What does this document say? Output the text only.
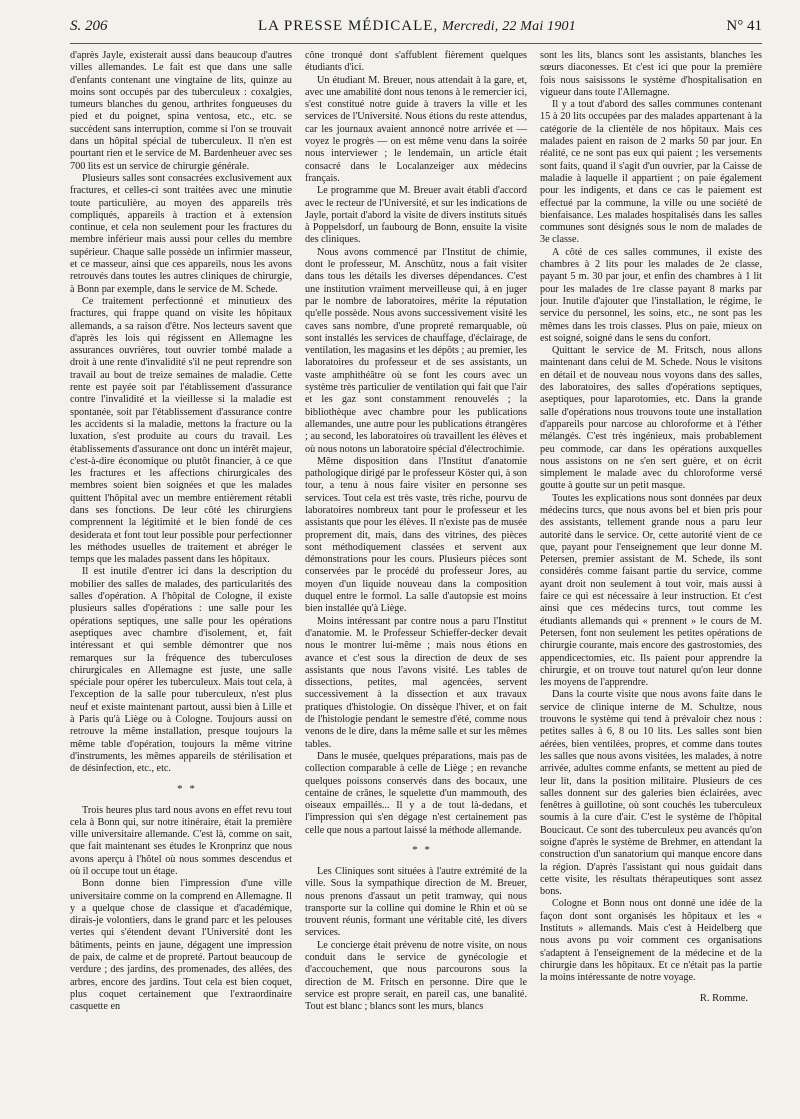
S. 206	LA PRESSE MÉDICALE, Mercredi, 22 Mai 1901	N° 41

d'après Jayle, existerait aussi dans beaucoup d'autres villes allemandes. Le fait est que dans une salle d'enfants contenant une vingtaine de lits, quinze au moins sont occupés par des tuberculeux : coxalgies, tumeurs blanches du genou, arthrites fongueuses du pied et du poignet, spina ventosa, etc., etc. se succèdent sans interruption, comme si l'on se trouvait dans un hôpital spécial de tuberculeux. Il n'en est pourtant rien et le service de M. Bardenheuer avec ses 700 lits est un service de chirurgie générale.

Plusieurs salles sont consacrées exclusivement aux fractures, et celles-ci sont traitées avec une minutie toute particulière, au moyen des appareils très compliqués, appareils à traction et à extension continue, et cela non seulement pour les fractures du membre inférieur mais aussi pour celles du membre supérieur. Chaque salle possède un infirmier masseur, et ce masseur, ainsi que ces appareils, nous les avons retrouvés dans toutes les autres cliniques de chirurgie, à Bonn par exemple, dans le service de M. Schede.

Ce traitement perfectionné et minutieux des fractures, qui frappe quand on visite les hôpitaux allemands, a sa raison d'être. Nos lecteurs savent que d'après les lois qui régissent en Allemagne les assurances ouvrières, tout ouvrier tombé malade a droit à une rente d'invalidité s'il ne peut reprendre son travail au bout de treize semaines de maladie. Cette rente est payée soit par l'établissement d'assurance contre l'invalidité et la vieillesse si la maladie est spontanée, soit par l'établissement d'assurance contre les accidents si la maladie, mettons la fracture ou la luxation, s'est produite au cours du travail. Les établissements d'assurance ont donc un intérêt majeur, c'est-à-dire économique ou plutôt financier, à ce que les fractures et les affections chirurgicales des membres soient bien soignées et que les malades quittent l'hôpital avec un membre entièrement rétabli dans ses fonctions. De leur côté les chirurgiens comprennent la légitimité et le bien fondé de ces desiderata et font tout leur possible pour perfectionner les méthodes usuelles de traitement et abréger le temps que les malades passent dans les hôpitaux.

Il est inutile d'entrer ici dans la description du mobilier des salles de malades, des particularités des salles d'opération. A l'hôpital de Cologne, il existe plusieurs salles d'opérations : une salle pour les opérations septiques, une salle pour les opérations aseptiques avec chambre d'isolement, et, fait intéressant et qui semble démontrer que nos remarques sur la fréquence des tuberculoses chirurgicales en Allemagne est juste, une salle spéciale pour opérer les tuberculeux. Mais tout cela, à l'exception de la salle pour tuberculeux, n'est plus neuf et existe maintenant partout, aussi bien à Lille et à Paris qu'à Liège ou à Cologne. Toujours aussi on retrouve la même installation, presque toujours la même table d'opération, toujours la même vitrine d'instruments, les mêmes appareils de stérilisation et de désinfection, etc., etc.

* *

Trois heures plus tard nous avons en effet revu tout cela à Bonn qui, sur notre itinéraire, était la première ville universitaire allemande. C'est là, comme on sait, que fait maintenant ses études le Kronprinz que nous avons aperçu à l'hôtel où nous sommes descendus et où il occupe tout un étage.

Bonn donne bien l'impression d'une ville universitaire comme on la comprend en Allemagne. Il y a quelque chose de classique et d'académique, dirais-je volontiers, dans le grand parc et les pelouses vertes qui s'étendent devant l'Université dont les bâtiments, peints en jaune, dégagent une impression de paix, de calme et de propreté. Partout beaucoup de verdure ; des jardins, des promenades, des allées, des arbres, encore des jardins. Tout cela est bien coquet, plus coquet certainement que l'extraordinaire casquette en

cône tronqué dont s'affublent fièrement quelques étudiants d'ici.

Un étudiant M. Breuer, nous attendait à la gare, et, avec une amabilité dont nous tenons à le remercier ici, s'est constitué notre guide à travers la ville et les services de l'Université. Nous étions du reste attendus, car les journaux avaient annoncé notre arrivée et — voyez le progrès — on est même venu dans la soirée nous interviewer ; le lendemain, un article était consacré dans le Localanzeiger aux médecins français.

Le programme que M. Breuer avait établi d'accord avec le recteur de l'Université, et sur les indications de Jayle, portait d'abord la visite de divers instituts situés à Poppelsdorf, un faubourg de Bonn, ensuite la visite des cliniques.

Nous avons commencé par l'Institut de chimie, dont le professeur, M. Anschütz, nous a fait visiter dans tous les détails les diverses dépendances. C'est une institution vraiment merveilleuse qui, à en juger par le nombre de laboratoires, mérite la réputation qu'elle possède. Nous avons successivement visité les caves sans nombre, d'une propreté remarquable, où sont installés les services de chauffage, d'éclairage, de ventilation, les magasins et les dépôts ; au premier, les laboratoires du professeur et de ses assistants, un vaste amphithéâtre où se font les cours avec un système très particulier de ventilation qui fait que l'air et les gaz sont constamment renouvelés ; la bibliothèque avec chambre pour les publications allemandes, une autre pour les publications étrangères ; au second, les laboratoires où travaillent les élèves et où nous notons un laboratoire spécial d'électrochimie.

Même disposition dans l'Institut d'anatomie pathologique dirigé par le professeur Köster qui, à son tour, a tenu à nous faire visiter en personne ses services. Tout cela est très vaste, très riche, pourvu de laboratoires nombreux tant pour le professeur et les assistants que pour les élèves. Il n'existe pas de musée proprement dit, mais, dans des vitrines, des pièces sont méthodiquement classées et servent aux démonstrations pour les cours. Plusieurs pièces sont conservées par le procédé du professeur Jores, au moyen d'un liquide nouveau dans la composition duquel entre le formol. La salle d'autopsie est moins bien installée qu'à Liège.

Moins intéressant par contre nous a paru l'Institut d'anatomie. M. le Professeur Schieffer-decker devait nous le montrer lui-même ; mais nous étions en avance et c'est sous la direction de deux de ses assistants que nous l'avons visité. Les tables de dissections, petites, mal agencées, servent successivement à la dissection et aux travaux pratiques d'histologie. On dissèque l'hiver, et on fait de l'histologie pendant le semestre d'été, comme nous venons de le dire, dans la même salle et sur les mêmes tables.

Dans le musée, quelques préparations, mais pas de collection comparable à celle de Liège ; en revanche quelques poissons conservés dans des bocaux, une centaine de crânes, le squelette d'un mammouth, des oiseaux empaillés... Il y a de tout là-dedans, et l'impression qui s'en dégage n'est certainement pas celle que nous a partout laissé la méthode allemande.

* *

Les Cliniques sont situées à l'autre extrémité de la ville. Sous la sympathique direction de M. Breuer, nous prenons d'assaut un petit tramway, qui nous transporte sur la colline qui domine le Rhin et où se trouvent réunis, formant une véritable cité, les divers services.

Le concierge était prévenu de notre visite, on nous conduit dans le service de gynécologie et d'accouchement, que nous parcourons sous la direction de M. Fritsch en personne. Dire que le service est propre serait, en pareil cas, une banalité. Tout est blanc ; blancs sont les murs, blancs

sont les lits, blancs sont les assistants, blanches les sœurs diaconesses. Et c'est ici que pour la première fois nous saisissons le système d'hospitalisation en vigueur dans toute l'Allemagne.

Il y a tout d'abord des salles communes contenant 15 à 20 lits occupées par des malades appartenant à la catégorie de la clientèle de nos hôpitaux. Mais ces malades paient en raison de 2 marks 50 par jour. En réalité, ce ne sont pas eux qui paient ; les versements sont faits, quand il s'agit d'un ouvrier, par la Caisse de maladie à laquelle il appartient ; on paie également pour les indigents, et dans ce cas le paiement est effectué par la commune, la ville ou une société de bienfaisance. Les malades hospitalisés dans les salles communes sont désignés sous le nom de malades de 3e classe.

A côté de ces salles communes, il existe des chambres à 2 lits pour les malades de 2e classe, payant 5 m. 30 par jour, et enfin des chambres à 1 lit pour les malades de 1re classe payant 8 marks par jour. Inutile d'ajouter que l'installation, le régime, le service du personnel, les soins, etc., ne sont pas les mêmes dans les trois classes. Plus on paie, mieux on est soigné, soigné dans le sens du confort.

Quittant le service de M. Fritsch, nous allons maintenant dans celui de M. Schede. Nous le visitons en détail et de nouveau nous voyons dans des salles, des laboratoires, des salles d'opérations septiques, aseptiques, pour laparotomies, etc. Dans la grande salle d'opérations nous trouvons toute une installation d'appareils pour narcose au chloroforme et à l'éther mélangés. C'est très ingénieux, mais probablement peu commode, car dans les opérations auxquelles nous assistons on ne s'en sert guère, et on écrit simplement le malade avec du chloroforme versé goutte à goutte sur un petit masque.

Toutes les explications nous sont données par deux médecins turcs, que nous avons bel et bien pris pour des assistants, tellement grande nous a paru leur autorité dans le service. Or, cette autorité vient de ce que, payant pour l'enseignement que leur donne M. Petersen, premier assistant de M. Schede, ils sont considérés comme faisant partie du service, comme ayant droit non seulement à tout voir, mais aussi à faire ce qui est nécessaire à leur instruction. Et c'est ainsi que ces médecins turcs, tout comme les étudiants allemands qui « prennent » le cours de M. Petersen, font non seulement les petites opérations de chirurgie courante, mais encore des gastrostomies, des appendicectomies, etc. Ils paient pour apprendre la chirurgie, et on trouve tout naturel qu'on leur donne les moyens de l'apprendre.

Dans la courte visite que nous avons faite dans le service de clinique interne de M. Schultze, nous trouvons le système qui tend à prévaloir chez nous : petites salles à 6, 8 ou 10 lits. Les salles sont bien aérées, bien ventilées, propres, et comme dans toutes les salles que nous avons visitées, les malades, à notre arrivée, adultes comme enfants, se mettent au pied de leur lit, dans la position militaire. Plusieurs de ces salles donnent sur des galeries bien éclairées, avec fenêtres à guillotine, où sont couchés les tuberculeux soumis à la cure d'air. C'est le système de l'hôpital Boucicaut. Ce sont des tuberculeux peu avancés qu'on soigne d'après le système de Brehmer, en attendant la construction d'un sanatorium qui manque encore dans la région. D'après l'assistant qui nous guidait dans cette visite, les résultats thérapeutiques sont assez bons.

Cologne et Bonn nous ont donné une idée de la façon dont sont organisés les hôpitaux et les « Instituts » allemands. Mais c'est à Heidelberg que nous avons pu voir comment ces organisations s'adaptent à l'enseignement de la médecine et de la chirurgie dans les hôpitaux. Et ce n'était pas la partie la moins intéressante de notre voyage.

R. Romme.
